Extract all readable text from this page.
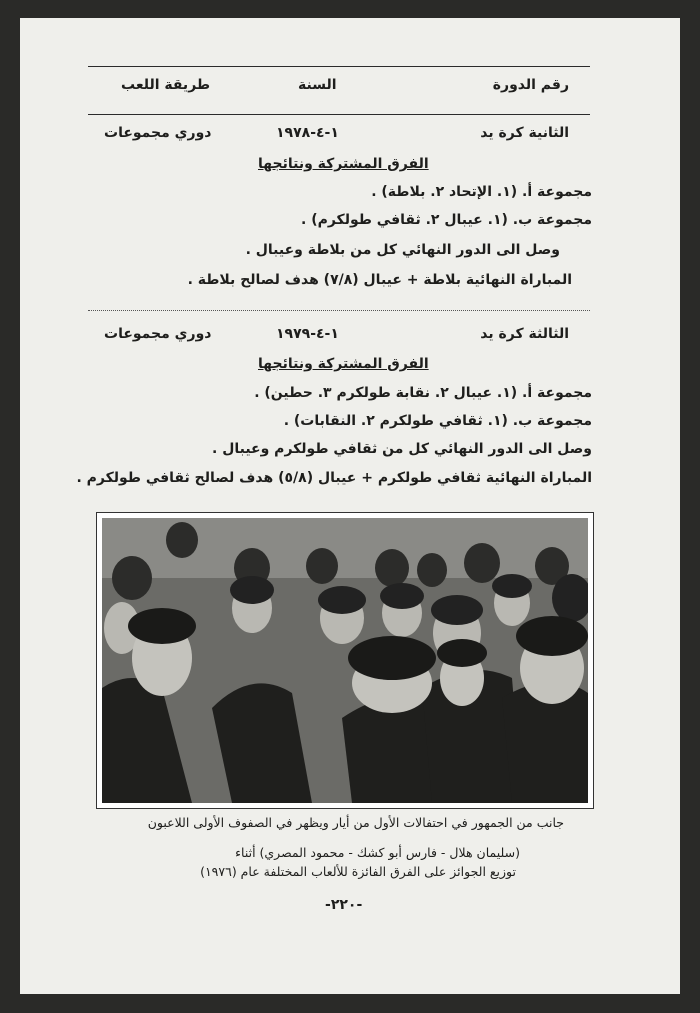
رقم الدورة
السنة
طريقة اللعب
الثانية كرة يد
١-٤-١٩٧٨
دوري مجموعات
الفرق المشتركة ونتائجها
مجموعة أ. (١. الإتحاد ٢. بلاطة) .
مجموعة ب. (١. عيبال ٢. ثقافي طولكرم) .
وصل الى الدور النهائي كل من بلاطة وعيبال .
المباراة النهائية بلاطة + عيبال (٧/٨) هدف لصالح بلاطة .
الثالثة كرة يد
١-٤-١٩٧٩
دوري مجموعات
الفرق المشتركة ونتائجها
مجموعة أ. (١. عيبال ٢. نقابة طولكرم ٣. حطين) .
مجموعة ب. (١. ثقافي طولكرم ٢. النقابات) .
وصل الى الدور النهائي كل من ثقافي طولكرم وعيبال .
المباراة النهائية ثقافي طولكرم + عيبال (٥/٨) هدف لصالح ثقافي طولكرم .
جانب من الجمهور في احتفالات الأول من أيار ويظهر في الصفوف الأولى اللاعبون
(سليمان هلال - فارس أبو كشك - محمود المصري) أثناء
توزيع الجوائز على الفرق الفائزة للألعاب المختلفة عام (١٩٧٦)
-٢٢٠-
